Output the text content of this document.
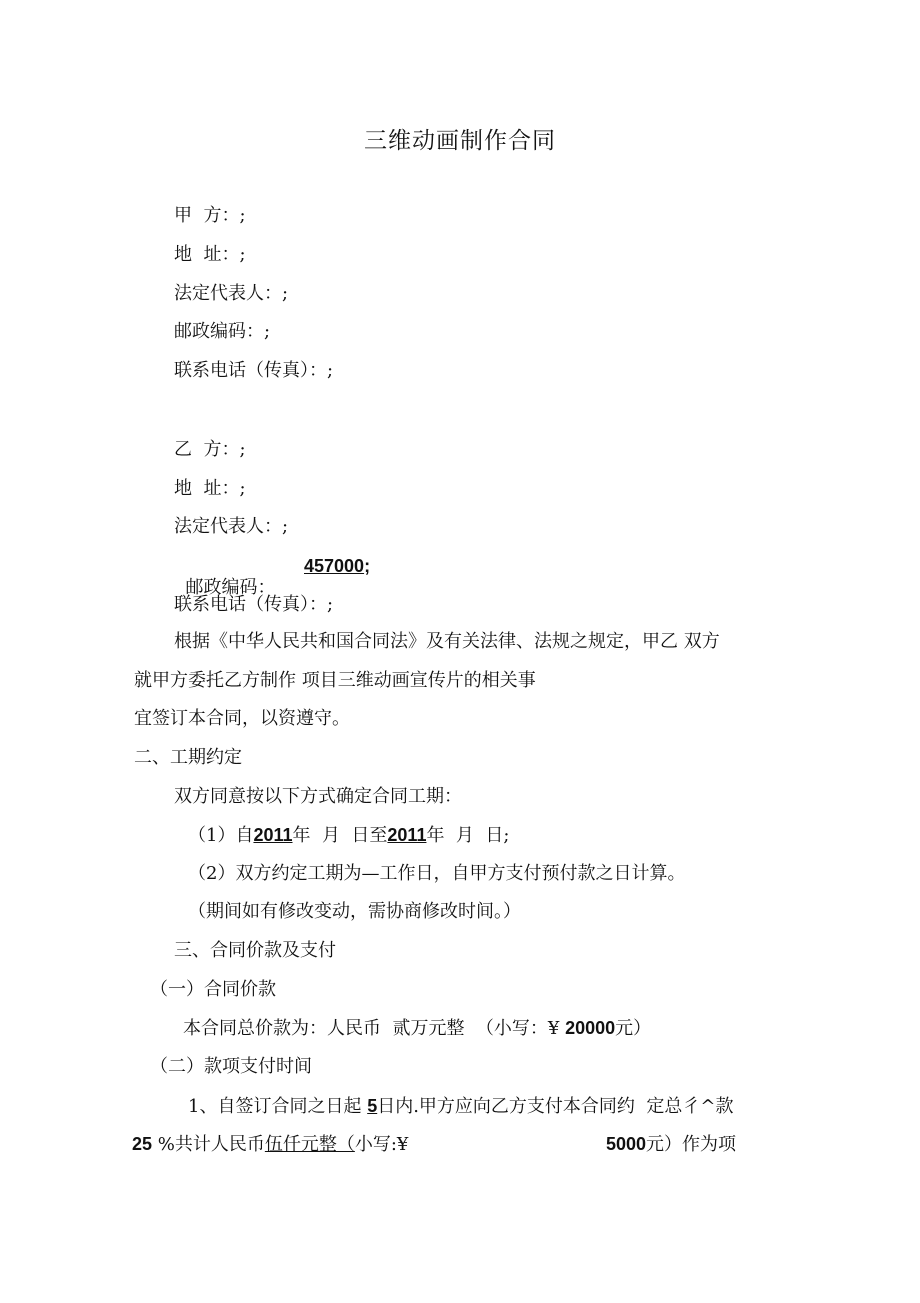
三维动画制作合同
甲  方：;
地  址：;
法定代表人：;
邮政编码：;
联系电话（传真）：;
乙  方：;
地  址：;
法定代表人：;

邮政编码：

457000;

联系电话（传真）：;
根据《中华人民共和国合同法》及有关法律、法规之规定，甲乙 双方
就甲方委托乙方制作 项目三维动画宣传片的相关事
宜签订本合同，以资遵守。
二、工期约定
双方同意按以下方式确定合同工期：
（1）自2011年  月  日至2011年  月  日;
（2）双方约定工期为—工作日，自甲方支付预付款之日计算。
（期间如有修改变动，需协商修改时间。）
三、合同价款及支付
（一）合同价款
本合同总价款为：人民币  贰万元整  （小写：¥ 20000元）
（二）款项支付时间
1、自签订合同之日起 5日内.甲方应向乙方支付本合同约  定总彳^款
25 %共计人民币伍仟元整（小写:¥	5000元）作为项
